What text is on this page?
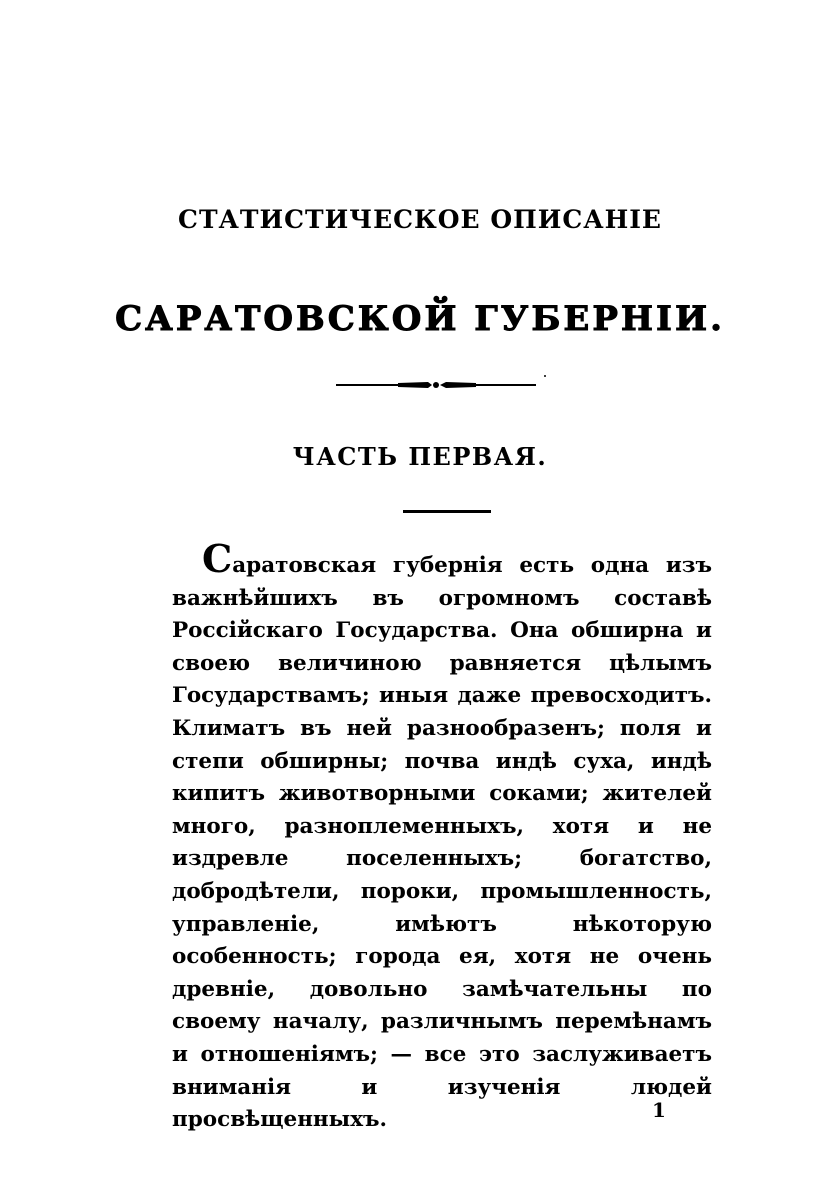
СТАТИСТИЧЕСКОЕ ОПИСАНІЕ
САРАТОВСКОЙ ГУБЕРНІИ.
ЧАСТЬ ПЕРВАЯ.

Саратовская губернія есть одна изъ важнѣйшихъ въ огромномъ составѣ Россійскаго Государства. Она обширна и своею величиною равняется цѣлымъ Государствамъ; иныя даже превосходитъ. Климатъ въ ней разнообразенъ; поля и степи обширны; почва индѣ суха, индѣ кипитъ животворными соками; жителей много, разноплеменныхъ, хотя и не издревле поселенныхъ; богатство, добродѣтели, пороки, промышленность, управленіе, имѣютъ нѣкоторую особенность; города ея, хотя не очень древніе, довольно замѣчательны по своему началу, различнымъ перемѣнамъ и отношеніямъ; — все это заслуживаетъ вниманія и изученія людей просвѣщенныхъ.	1
